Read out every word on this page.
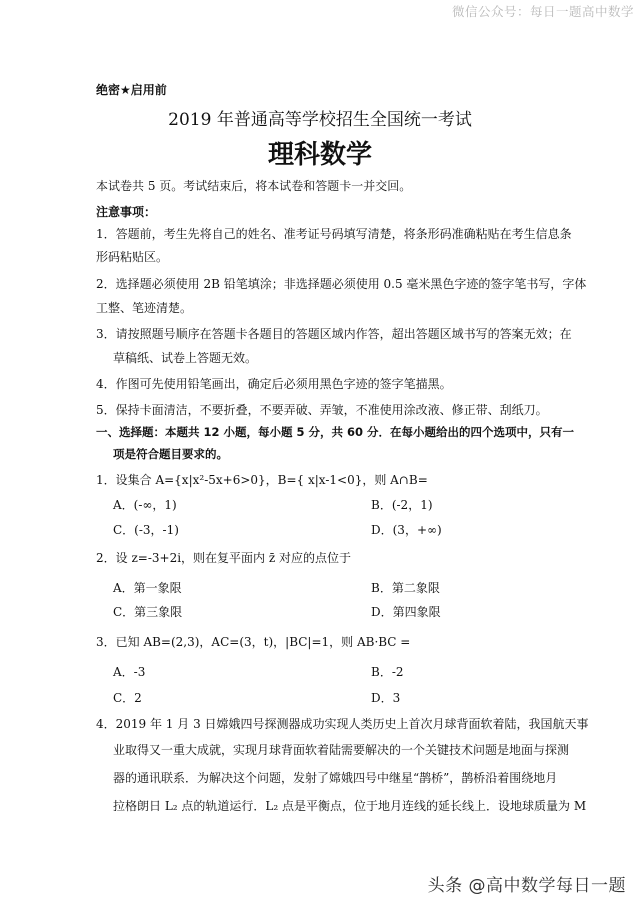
微信公众号：每日一题高中数学
绝密★启用前
2019 年普通高等学校招生全国统一考试
理科数学
本试卷共 5 页。考试结束后，将本试卷和答题卡一并交回。
注意事项：
1．答题前，考生先将自己的姓名、准考证号码填写清楚，将条形码准确粘贴在考生信息条
形码粘贴区。
2．选择题必须使用 2B 铅笔填涂；非选择题必须使用 0.5 毫米黑色字迹的签字笔书写，字体
工整、笔迹清楚。
3．请按照题号顺序在答题卡各题目的答题区域内作答，超出答题区域书写的答案无效；在
草稿纸、试卷上答题无效。
4．作图可先使用铅笔画出，确定后必须用黑色字迹的签字笔描黑。
5．保持卡面清洁，不要折叠，不要弄破、弄皱，不准使用涂改液、修正带、刮纸刀。
一、选择题：本题共 12 小题，每小题 5 分，共 60 分．在每小题给出的四个选项中，只有一
项是符合题目要求的。
1．设集合 A={x|x²-5x+6>0}，B={ x|x-1<0}，则 A∩B=
A．(-∞，1)	B．(-2，1)
C．(-3，-1)	D．(3，+∞)
2．设 z=-3+2i，则在复平面内 z̄ 对应的点位于
A．第一象限	B．第二象限
C．第三象限	D．第四象限
3．已知 AB=(2,3)，AC=(3，t)，|BC|=1，则 AB·BC =
A．-3	B．-2
C．2	D．3
4．2019 年 1 月 3 日嫦娥四号探测器成功实现人类历史上首次月球背面软着陆，我国航天事
业取得又一重大成就，实现月球背面软着陆需要解决的一个关键技术问题是地面与探测
器的通讯联系．为解决这个问题，发射了嫦娥四号中继星“鹊桥”，鹊桥沿着围绕地月
拉格朗日 L₂ 点的轨道运行．L₂ 点是平衡点，位于地月连线的延长线上．设地球质量为 M
头条 @高中数学每日一题
